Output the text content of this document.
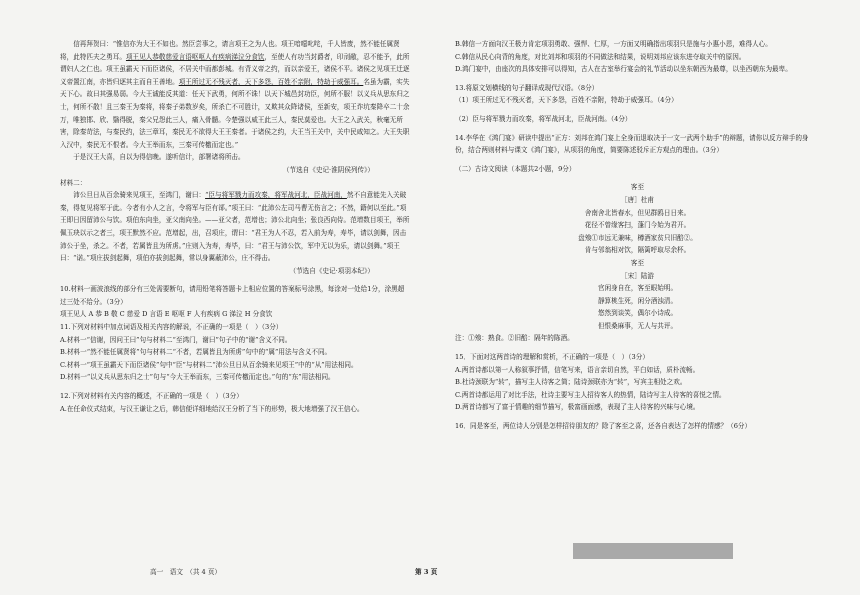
信再拜贺曰：“惟信亦为大王不如也。然臣尝事之，请言项王之为人也。项王喑噁叱咤，千人皆废，然不能任属贤将，此特匹夫之勇耳。项王见人恭敬慈爱言语呕呕人有疾病涕泣分食饮，至使人有功当封爵者，印刓敝，忍不能予，此所谓妇人之仁也。项王虽霸天下而臣诸侯，不居关中而都彭城。有背义帝之约，而以亲爱王，诸侯不平。诸侯之见项王迁逐义帝置江南，亦皆归逐其主而自王善地。项王所过无不残灭者，天下多怨，百姓不亲附，特劫于威强耳。名虽为霸，实失天下心。故曰其强易弱。今大王诚能反其道：任天下武勇，何所不诛！以天下城邑封功臣，何所不服！以义兵从思东归之士，何所不散！且三秦王为秦将，将秦子弟数岁矣，所杀亡不可胜计，又欺其众降诸侯，至新安，项王诈坑秦降卒二十余万，唯独邯、欣、翳得脱，秦父兄怨此三人，痛入骨髓。今楚强以威王此三人，秦民莫爱也。大王之入武关，秋毫无所害，除秦苛法，与秦民约，法三章耳，秦民无不欲得大王王秦者。于诸侯之约，大王当王关中，关中民咸知之。大王失职入汉中，秦民无不恨者。今大王举而东，三秦可传檄而定也。”

于是汉王大喜，自以为得信晚。遂听信计，部署诸将所击。

（节选自《史记·淮阴侯列传》）

材料二：

沛公旦日从百余骑来见项王，至鸿门，谢曰：“臣与将军戮力而攻秦，将军战河北，臣战河南，然不自意能先入关破秦，得复见将军于此。今者有小人之言，令将军与臣有郤。”项王曰：“此沛公左司马曹无伤言之；不然，籍何以至此。”项王即日因留沛公与饮。项伯东向坐，亚父南向坐。——亚父者，范增也；沛公北向坐；张良西向侍。范增数目项王，举所佩玉玦以示之者三，项王默然不应。范增起，出，召项庄，谓曰：“君王为人不忍，若入前为寿，寿毕，请以剑舞，因击沛公于坐，杀之。不者，若属皆且为所虏。”庄则入为寿，寿毕，曰：“君王与沛公饮，军中无以为乐，请以剑舞。”项王曰：“诺。”项庄拔剑起舞，项伯亦拔剑起舞，常以身翼蔽沛公，庄不得击。

（节选自《史记·项羽本纪》）

10.材料一画波浪线的部分有三处需要断句，请用铅笔将答题卡上相应位置的答案标号涂黑，每涂对一处给1分，涂黑超过三处不给分。（3分）

项王见人 A 恭 B 敬 C 慈爱 D 言语 E 呕呕 F 人有疾病 G 涕泣 H 分食饮

11.下列对材料中加点词语及相关内容的解说，不正确的一项是（　）（3分）

A.材料一“信谢，因问王曰”句与材料二“至鸿门，谢曰”句子中的“谢”含义不同。

B.材料一“然不能任属贤将”句与材料二“不者，若属皆且为所虏”句中的“属”用法与含义不同。

C.材料一“项王虽霸天下而臣诸侯”句中“臣”与材料二“沛公旦日从百余骑来见项王”中的“从”用法相同。

D.材料一“以义兵从思东归之士”句与“今大王举而东，三秦可传檄而定也。”句的“东”用法相同。

12.下列对材料有关内容的概述，不正确的一项是（　）（3分）

A.在任命仪式结束，与汉王谦让之后，韩信便详细地给汉王分析了当下的形势，极大地增强了汉王信心。

B.韩信一方面向汉王极力肯定项羽勇敢、强悍、仁厚，一方面又明确指出项羽只是施与小惠小恩，难得人心。

C.韩信从民心向背的角度，对比刘邦和项羽的不同做法和结果，说明刘邦应该东进夺取关中的原因。

D.鸿门宴中，由座次的具体安排可以得知，古人在古室举行宴会的礼节活动以坐东朝西为最尊，以坐西朝东为最卑。

13.将原文划横线的句子翻译成现代汉语。（8分）

（1）项王所过无不残灭者，天下多怨，百姓不亲附，特劫于威强耳。（4分）

（2）臣与将军戮力而攻秦，将军战河北，臣战河南。（4分）

14.李华在《鸿门宴》研读中提出“正方：刘邦在鸿门宴上全身而退取决于一文一武两个助手”的辩题，请你以反方辩手的身份，结合两则材料与课文《鸿门宴》，从项羽的角度，简要陈述驳斥正方观点的理由。（3分）

（二）古诗文阅读（本题共2小题，9分）

客至

［唐］杜甫

舍南舍北皆春水，但见群鸥日日来。

花径不曾缘客扫，蓬门今始为君开。

盘飧①市远无兼味，樽酒家贫只旧醅②。

肯与邻翁相对饮，隔篱呼取尽余杯。

客至

［宋］陆游

官闲身自在，客至眼始明。

靜算桃生死，闲分酒浊清。

悠然到谈笑，偶尔小诗成。

但恨桑麻事，无人与共评。

注：①飧：熟食。②旧醅：隔年的陈酒。

15．下面对这两首诗的理解和赏析，不正确的一项是（　）（3分）

A.两首诗都以第一人称叙事抒情，信笔写来，语言亲切自然，平白如话，质朴流畅。

B.杜诗颈联为“转”，描写主人待客之简；陆诗颈联亦为“转”，写宾主相处之欢。

C.两首诗都运用了对比手法，杜诗主要写主人招待客人的热情，陆诗写主人待客的喜悦之情。

D.两首诗都写了富于情趣的细节描写，极富画面感，表现了主人待客的兴味与心境。

16．同是客至，两位诗人分别是怎样招待朋友的？除了客至之喜，还各自表达了怎样的情感？（6分）

高一　语文　（共 4 页）	第 3 页
